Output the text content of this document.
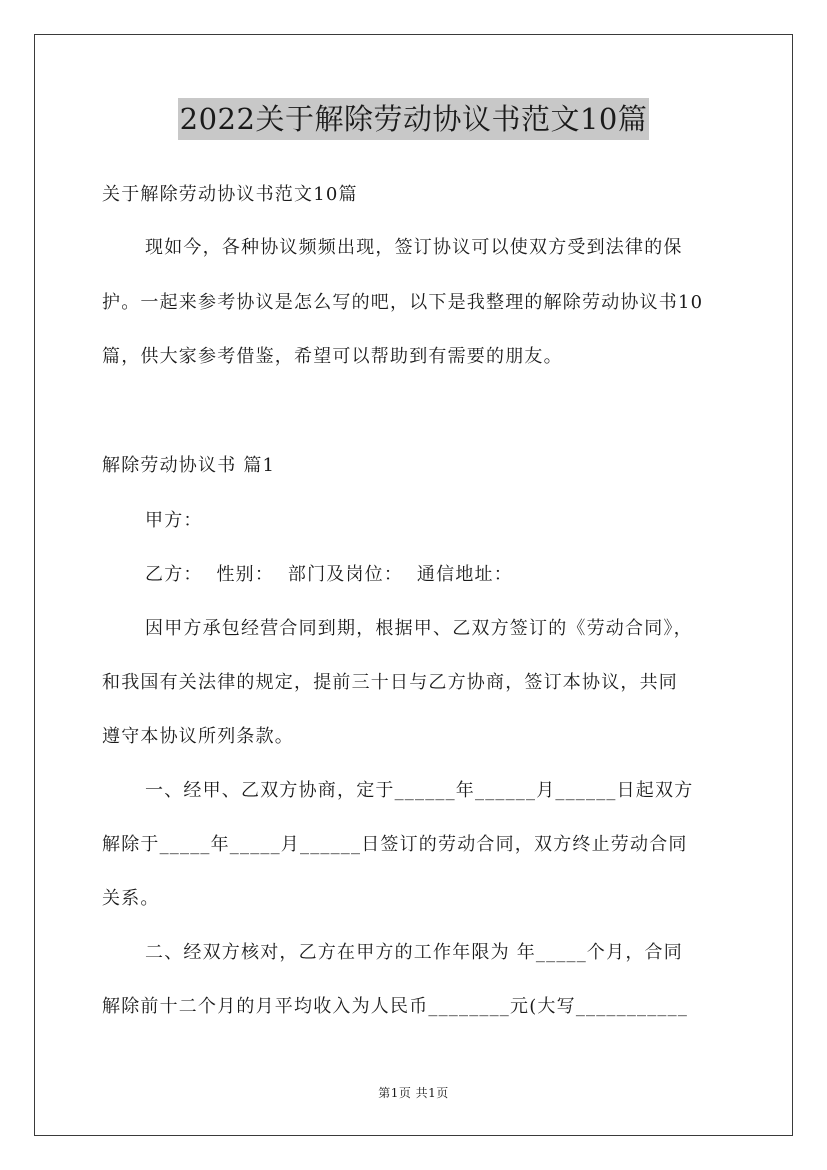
2022关于解除劳动协议书范文10篇
关于解除劳动协议书范文10篇
现如今，各种协议频频出现，签订协议可以使双方受到法律的保
护。一起来参考协议是怎么写的吧，以下是我整理的解除劳动协议书10
篇，供大家参考借鉴，希望可以帮助到有需要的朋友。
解除劳动协议书 篇1
甲方：
乙方：  性别：  部门及岗位：  通信地址：
因甲方承包经营合同到期，根据甲、乙双方签订的《劳动合同》，
和我国有关法律的规定，提前三十日与乙方协商，签订本协议，共同
遵守本协议所列条款。
一、经甲、乙双方协商，定于______年______月______日起双方
解除于_____年_____月______日签订的劳动合同，双方终止劳动合同
关系。
二、经双方核对，乙方在甲方的工作年限为 年_____个月，合同
解除前十二个月的月平均收入为人民币________元(大写___________
第1页 共1页
